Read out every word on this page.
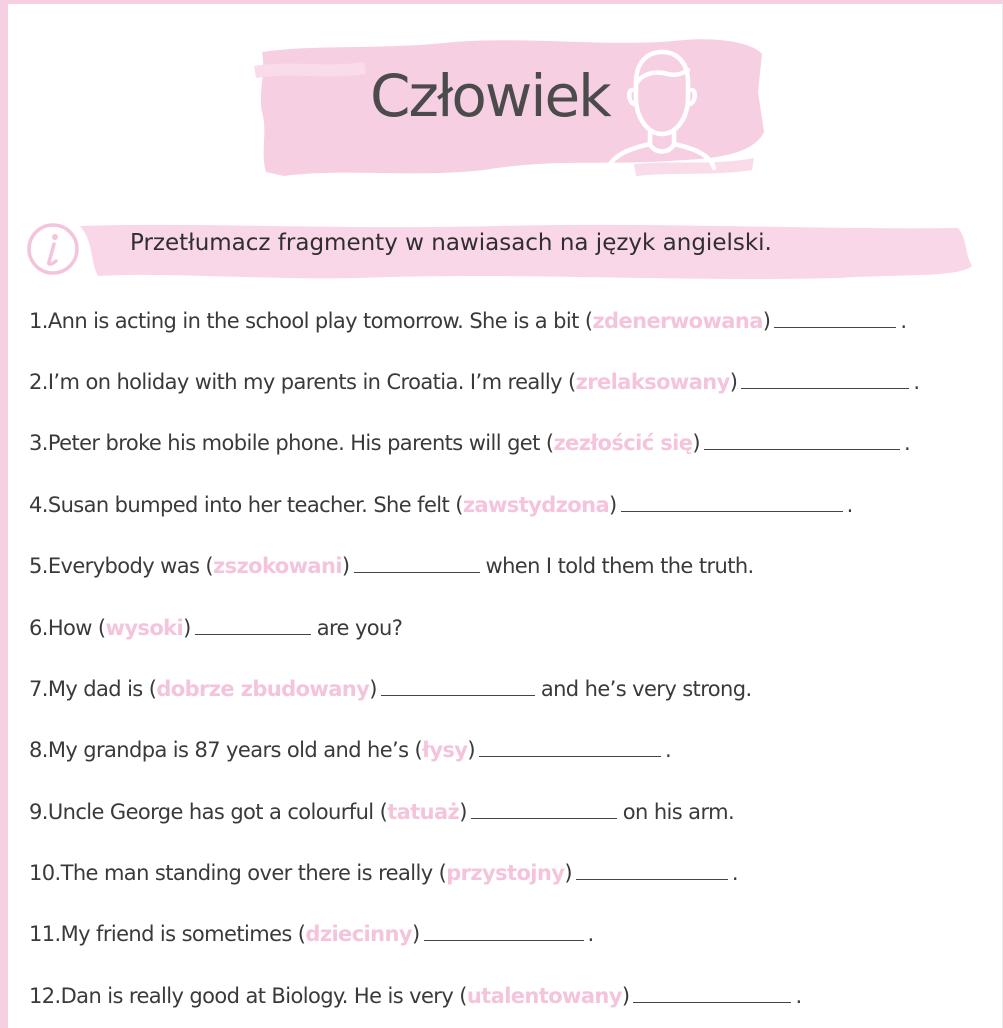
Człowiek
Przetłumacz fragmenty w nawiasach na język angielski.
1.Ann is acting in the school play tomorrow. She is a bit (zdenerwowana)	.
2.I’m on holiday with my parents in Croatia. I’m really (zrelaksowany)	.
3.Peter broke his mobile phone. His parents will get (zezłościć się)	.
4.Susan bumped into her teacher. She felt (zawstydzona)	.
5.Everybody was (zszokowani)	when I told them the truth.
6.How (wysoki)	are you?
7.My dad is (dobrze zbudowany)	and he’s very strong.
8.My grandpa is 87 years old and he’s (łysy)	.
9.Uncle George has got a colourful (tatuaż)	on his arm.
10.The man standing over there is really (przystojny)	.
11.My friend is sometimes (dziecinny)	.
12.Dan is really good at Biology. He is very (utalentowany)	.
